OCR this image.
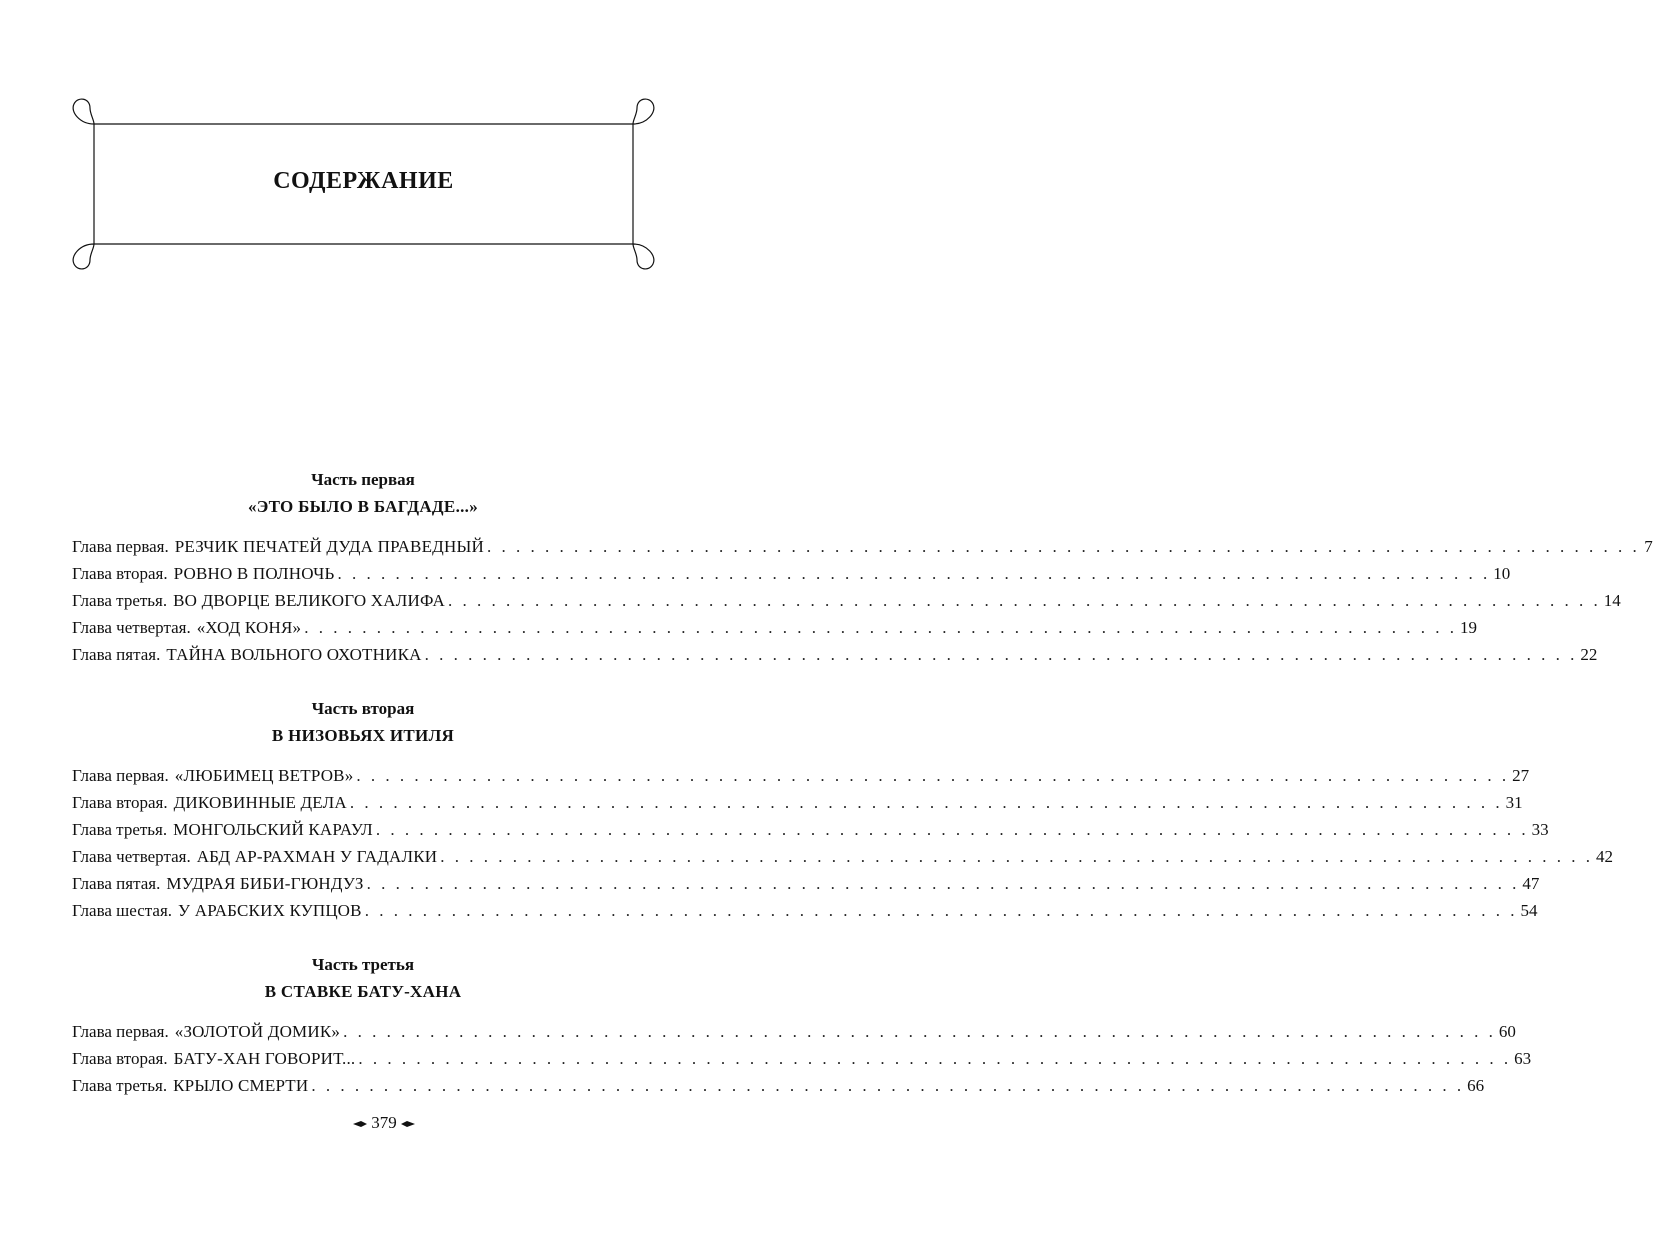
СОДЕРЖАНИЕ
Часть первая
«ЭТО БЫЛО В БАГДАДЕ...»
Глава первая. РЕЗЧИК ПЕЧАТЕЙ ДУДА ПРАВЕДНЫЙ . . . . . . . . . . . . . . . . . . . . . . . . . . . . . . . . . . . . . . . . . . . . . . . . . . . . . . . . . . . . . . . . . . . . . . . . . . . . . . . . 7
Глава вторая. РОВНО В ПОЛНОЧЬ . . . . . . . . . . . . . . . . . . . . . . . . . . . . . . . . . . . . . . . . . . . . . . . . . . . . . . . . . . . . . . . . . . . . . . . . . . . . . . . . 10
Глава третья. ВО ДВОРЦЕ ВЕЛИКОГО ХАЛИФА . . . . . . . . . . . . . . . . . . . . . . . . . . . . . . . . . . . . . . . . . . . . . . . . . . . . . . . . . . . . . . . . . . . . . . . . . . . . . . . . 14
Глава четвертая. «ХОД КОНЯ» . . . . . . . . . . . . . . . . . . . . . . . . . . . . . . . . . . . . . . . . . . . . . . . . . . . . . . . . . . . . . . . . . . . . . . . . . . . . . . . . 19
Глава пятая. ТАЙНА ВОЛЬНОГО ОХОТНИКА . . . . . . . . . . . . . . . . . . . . . . . . . . . . . . . . . . . . . . . . . . . . . . . . . . . . . . . . . . . . . . . . . . . . . . . . . . . . . . . . 22
Часть вторая
В НИЗОВЬЯХ ИТИЛЯ
Глава первая. «ЛЮБИМЕЦ ВЕТРОВ» . . . . . . . . . . . . . . . . . . . . . . . . . . . . . . . . . . . . . . . . . . . . . . . . . . . . . . . . . . . . . . . . . . . . . . . . . . . . . . . . 27
Глава вторая. ДИКОВИННЫЕ ДЕЛА . . . . . . . . . . . . . . . . . . . . . . . . . . . . . . . . . . . . . . . . . . . . . . . . . . . . . . . . . . . . . . . . . . . . . . . . . . . . . . . . 31
Глава третья. МОНГОЛЬСКИЙ КАРАУЛ . . . . . . . . . . . . . . . . . . . . . . . . . . . . . . . . . . . . . . . . . . . . . . . . . . . . . . . . . . . . . . . . . . . . . . . . . . . . . . . . 33
Глава четвертая. АБД АР-РАХМАН У ГАДАЛКИ . . . . . . . . . . . . . . . . . . . . . . . . . . . . . . . . . . . . . . . . . . . . . . . . . . . . . . . . . . . . . . . . . . . . . . . . . . . . . . . . 42
Глава пятая. МУДРАЯ БИБИ-ГЮНДУЗ . . . . . . . . . . . . . . . . . . . . . . . . . . . . . . . . . . . . . . . . . . . . . . . . . . . . . . . . . . . . . . . . . . . . . . . . . . . . . . . . 47
Глава шестая. У АРАБСКИХ КУПЦОВ . . . . . . . . . . . . . . . . . . . . . . . . . . . . . . . . . . . . . . . . . . . . . . . . . . . . . . . . . . . . . . . . . . . . . . . . . . . . . . . . 54
Часть третья
В СТАВКЕ БАТУ-ХАНА
Глава первая. «ЗОЛОТОЙ ДОМИК» . . . . . . . . . . . . . . . . . . . . . . . . . . . . . . . . . . . . . . . . . . . . . . . . . . . . . . . . . . . . . . . . . . . . . . . . . . . . . . . . 60
Глава вторая. БАТУ-ХАН ГОВОРИТ... . . . . . . . . . . . . . . . . . . . . . . . . . . . . . . . . . . . . . . . . . . . . . . . . . . . . . . . . . . . . . . . . . . . . . . . . . . . . . . . . 63
Глава третья. КРЫЛО СМЕРТИ . . . . . . . . . . . . . . . . . . . . . . . . . . . . . . . . . . . . . . . . . . . . . . . . . . . . . . . . . . . . . . . . . . . . . . . . . . . . . . . . 66
379
